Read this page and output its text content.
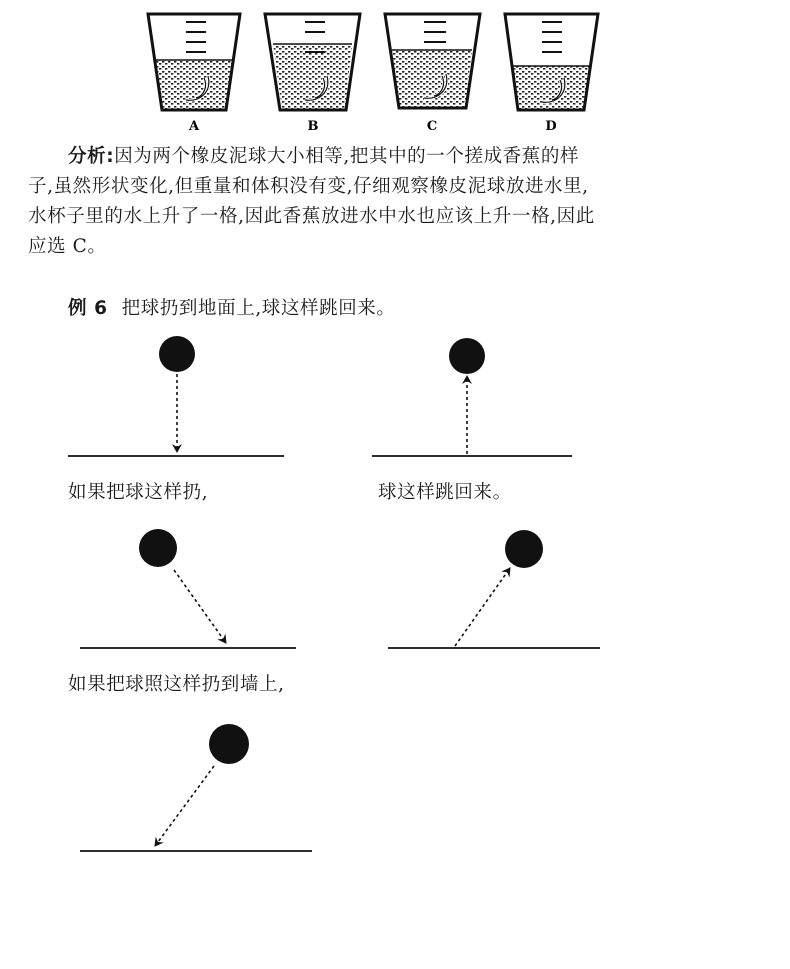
A	B	C	D
分析:因为两个橡皮泥球大小相等,把其中的一个搓成香蕉的样
子,虽然形状变化,但重量和体积没有变,仔细观察橡皮泥球放进水里,
水杯子里的水上升了一格,因此香蕉放进水中水也应该上升一格,因此
应选 C。
例 6 把球扔到地面上,球这样跳回来。
如果把球这样扔,	球这样跳回来。
如果把球照这样扔到墙上,
